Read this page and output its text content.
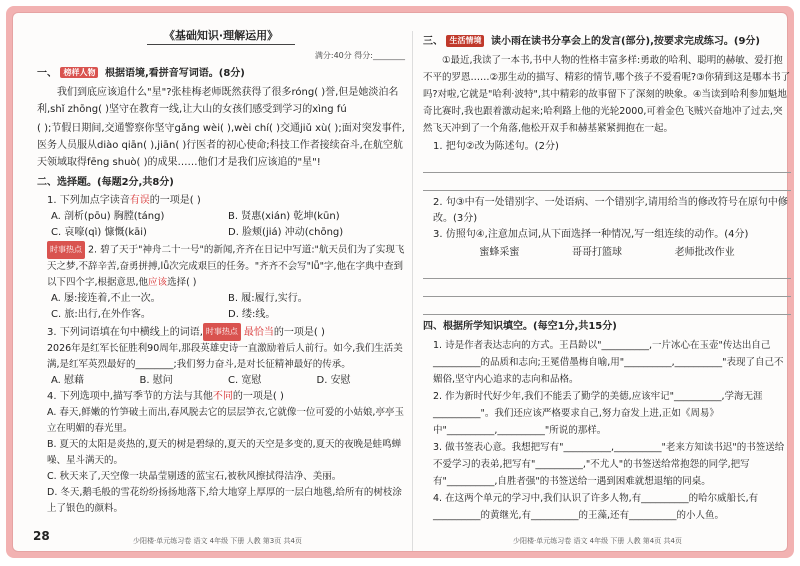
《基础知识·理解运用》
满分:40分 得分:________
一、 榜样人物 根据语境,看拼音写词语。(8分)
我们到底应该追什么"星"?张桂梅老师既然获得了很多róng( )誉,但是她淡泊名利,shǐ zhōng( )坚守在教育一线,让大山的女孩们感受到学习的xìng fú
( );节假日期间,交通警察你坚守gǎng wèi( ),wèi chí( )交通jiǔ xù( );面对突发事件,医务人员服从diào qiān( ),jiān( )行医者的初心使命;科技工作者接续奋斗,在航空航天领域取得fēng shuò( )的成果……他们才是我们应该追的"星"!
二、选择题。(每题2分,共8分)
1. 下列加点字读音有误的一项是( )
A. 剖析(pōu) 胸膛(táng)	B. 贤惠(xián) 乾坤(kūn)
C. 哀嚎(qì) 慷慨(kāi)	D. 脸颊(jiá) 冲动(chōng)
时事热点 2. 碧了天于"神舟二十一号"的新闻,齐齐在日记中写道:"航天员们为了实现飞天之梦,不辞辛苦,奋勇拼搏,lǚ次完成艰巨的任务。"齐齐不会写"lǚ"字,他在字典中查到以下四个字,根据意思,他应该选择( )
A. 屡:接连着,不止一次。	B. 履:履行,实行。
C. 旅:出行,在外作客。	D. 缕:线。
3. 下列词语填在句中横线上的词语, 时事热点 最恰当的一项是( )
2026年是红军长征胜利90周年,那段英雄史诗一直激励着后人前行。如今,我们生活美满,是红军英烈最好的________;我们努力奋斗,是对长征精神最好的传承。
A. 慰藉	B. 慰问	C. 宽慰	D. 安慰
4. 下列选项中,描写季节的方法与其他不同的一项是( )
A. 春天,鲜嫩的竹笋破土而出,春风脱去它的层层笋衣,它就像一位可爱的小姑娘,亭亭玉立在明媚的春光里。
B. 夏天的太阳是炎热的,夏天的树是碧绿的,夏天的天空是多变的,夏天的夜晚是蛙鸣蝉噪、星斗满天的。
C. 秋天来了,天空像一块晶莹剔透的蓝宝石,被秋风擦拭得洁净、美丽。
D. 冬天,鹅毛般的雪花纷纷扬扬地落下,给大地穿上厚厚的一层白地毯,给所有的树枝涂上了银色的颜料。
三、 生活情境 读小雨在读书分享会上的发言(部分),按要求完成练习。(9分)
①最近,我读了一本书,书中人物的性格丰富多样:勇敢的哈利、聪明的赫敏、爱打抱不平的罗恩……②那生动的描写、精彩的情节,哪个孩子不爱看呢?③你猜到这是哪本书了吗?对啦,它就是"哈利·波特",其中精彩的故事留下了深刻的映象。④当读到哈利参加魁地奇比赛时,我也跟着激动起来;哈利路上他的光轮2000,可着金色飞贼兴奋地冲了过去,突然飞天冲到了一个角落,他松开双手和赫基紧紧拥抱在一起。
1. 把句②改为陈述句。(2分)
2. 句③中有一处错别字、一处语病、一个错别字,请用给当的修改符号在原句中修改。(3分)
3. 仿照句④,注意加点词,从下面选择一种情况,写一组连续的动作。(4分)
蜜蜂采蜜	哥哥打篮球	老师批改作业
四、根据所学知识填空。(每空1分,共15分)
1. 诗是作者表达志向的方式。王昌龄以"__________,一片冰心在玉壶"传达出自己__________的品质和志向;王冕借墨梅自喻,用"__________,__________"表现了自己不媚俗,坚守内心追求的志向和品格。
2. 作为新时代好少年,我们不能丢了勤学的美德,应该牢记"__________,学海无涯__________"。我们还应该严格要求自己,努力奋发上进,正如《周易》中"__________,__________"所说的那样。
3. 做书签表心意。我想把写有"__________,__________"老来方知读书迟"的书签送给不爱学习的表弟,把写有"__________,"不尤人"的书签送给常抱怨的同学,把写有"__________,自胜者强"的书签送给一遇到困难就想退缩的同桌。
4. 在这两个单元的学习中,我们认识了许多人物,有__________的哈尔威船长,有__________的黄继光,有__________的王藻,还有__________的小人鱼。
28	少阳楼·单元练习卷 语文 4年级 下册 人教 第3页 共4页	少阳楼·单元练习卷 语文 4年级 下册 人教 第4页 共4页
